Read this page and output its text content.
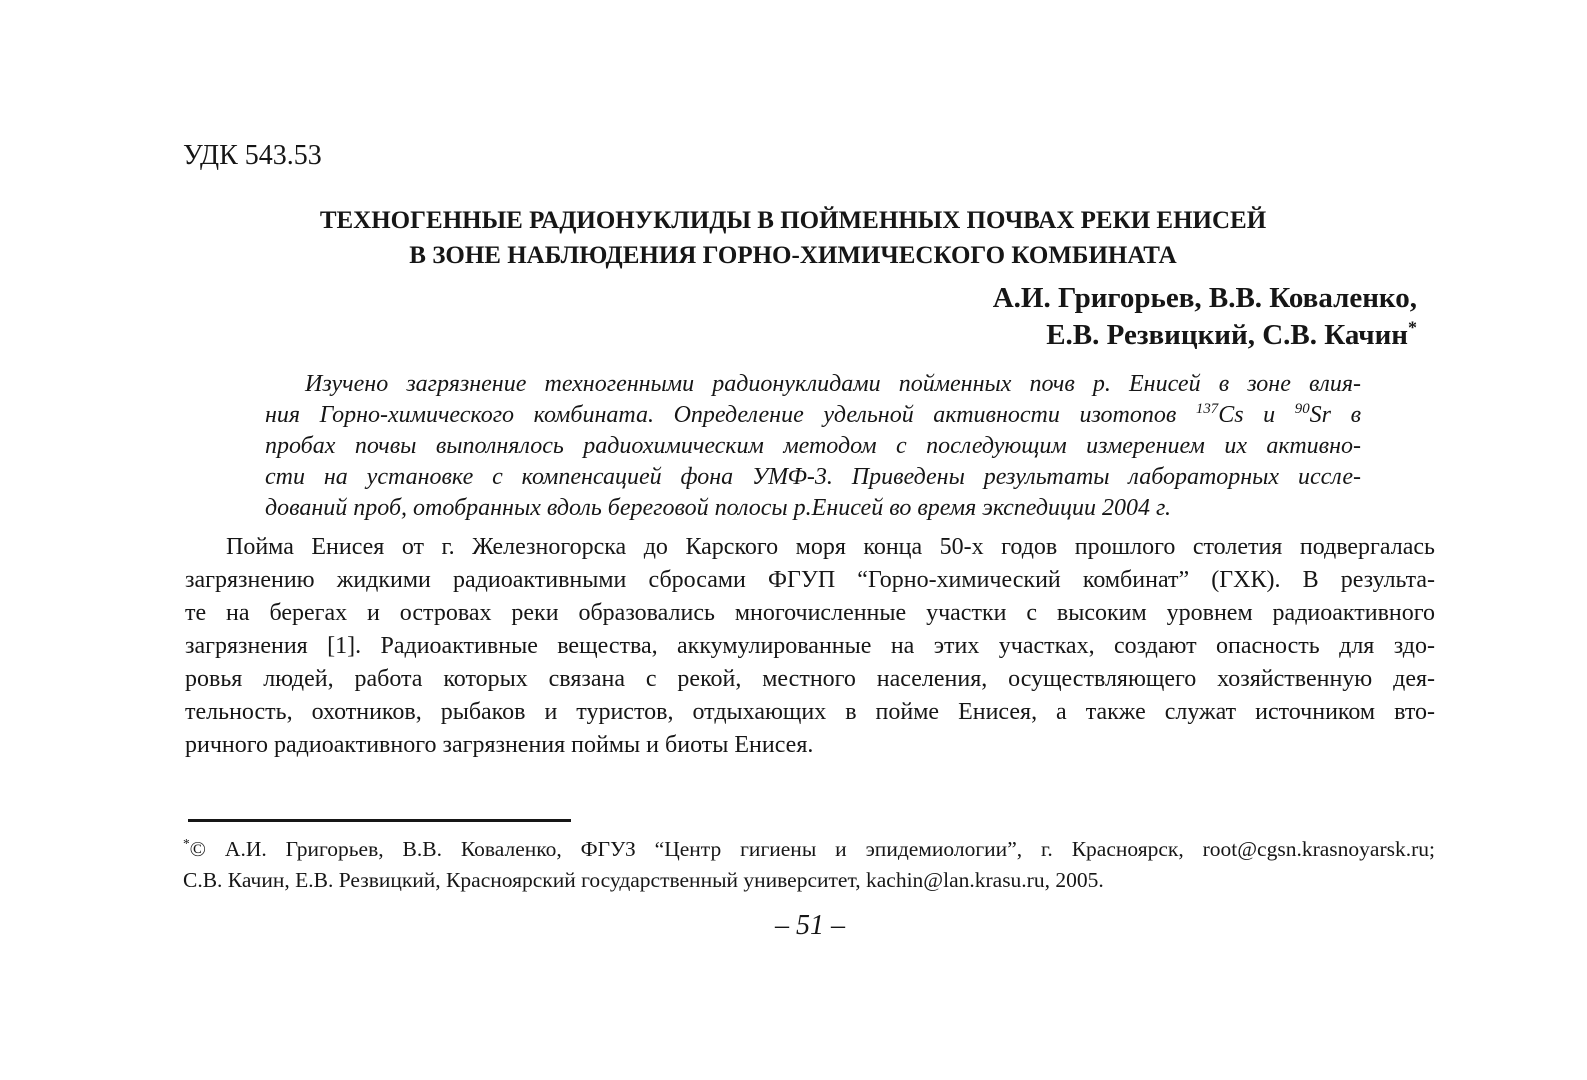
УДК 543.53
ТЕХНОГЕННЫЕ РАДИОНУКЛИДЫ В ПОЙМЕННЫХ ПОЧВАХ РЕКИ ЕНИСЕЙ
В ЗОНЕ НАБЛЮДЕНИЯ ГОРНО-ХИМИЧЕСКОГО КОМБИНАТА
А.И. Григорьев, В.В. Коваленко,
Е.В. Резвицкий, С.В. Качин*
Изучено загрязнение техногенными радионуклидами пойменных почв р. Енисей в зоне влия-
ния Горно-химического комбината. Определение удельной активности изотопов $^{137}$Cs и $^{90}$Sr в
пробах почвы выполнялось радиохимическим методом с последующим измерением их активно-
сти на установке с компенсацией фона УМФ-3. Приведены результаты лабораторных иссле-
дований проб, отобранных вдоль береговой полосы р.Енисей во время экспедиции 2004 г.
Пойма Енисея от г. Железногорска до Карского моря конца 50-х годов прошлого столетия подвергалась
загрязнению жидкими радиоактивными сбросами ФГУП “Горно-химический комбинат” (ГХК). В результа-
те на берегах и островах реки образовались многочисленные участки с высоким уровнем радиоактивного
загрязнения [1]. Радиоактивные вещества, аккумулированные на этих участках, создают опасность для здо-
ровья людей, работа которых связана с рекой, местного населения, осуществляющего хозяйственную дея-
тельность, охотников, рыбаков и туристов, отдыхающих в пойме Енисея, а также служат источником вто-
ричного радиоактивного загрязнения поймы и биоты Енисея.
*© А.И. Григорьев, В.В. Коваленко, ФГУЗ “Центр гигиены и эпидемиологии”, г. Красноярск, root@cgsn.krasnoyarsk.ru;
С.В. Качин, Е.В. Резвицкий, Красноярский государственный университет, kachin@lan.krasu.ru, 2005.
– 51 –
